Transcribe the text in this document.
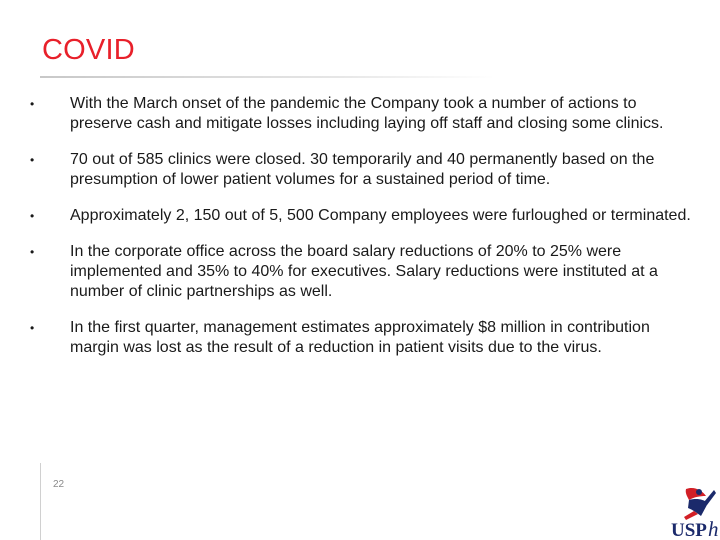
COVID
• With the March onset of the pandemic the Company took a number of actions to preserve cash and mitigate losses including laying off staff and closing some clinics.
• 70 out of 585 clinics were closed. 30 temporarily and 40 permanently based on the presumption of lower patient volumes for a sustained period of time.
• Approximately 2, 150 out of 5, 500 Company employees were furloughed or terminated.
• In the corporate office across the board salary reductions of 20% to 25% were implemented and 35% to 40% for executives. Salary reductions were instituted at a number of clinic partnerships as well.
• In the first quarter, management estimates approximately $8 million in contribution margin was lost as the result of a reduction in patient visits due to the virus.
22
USP h
